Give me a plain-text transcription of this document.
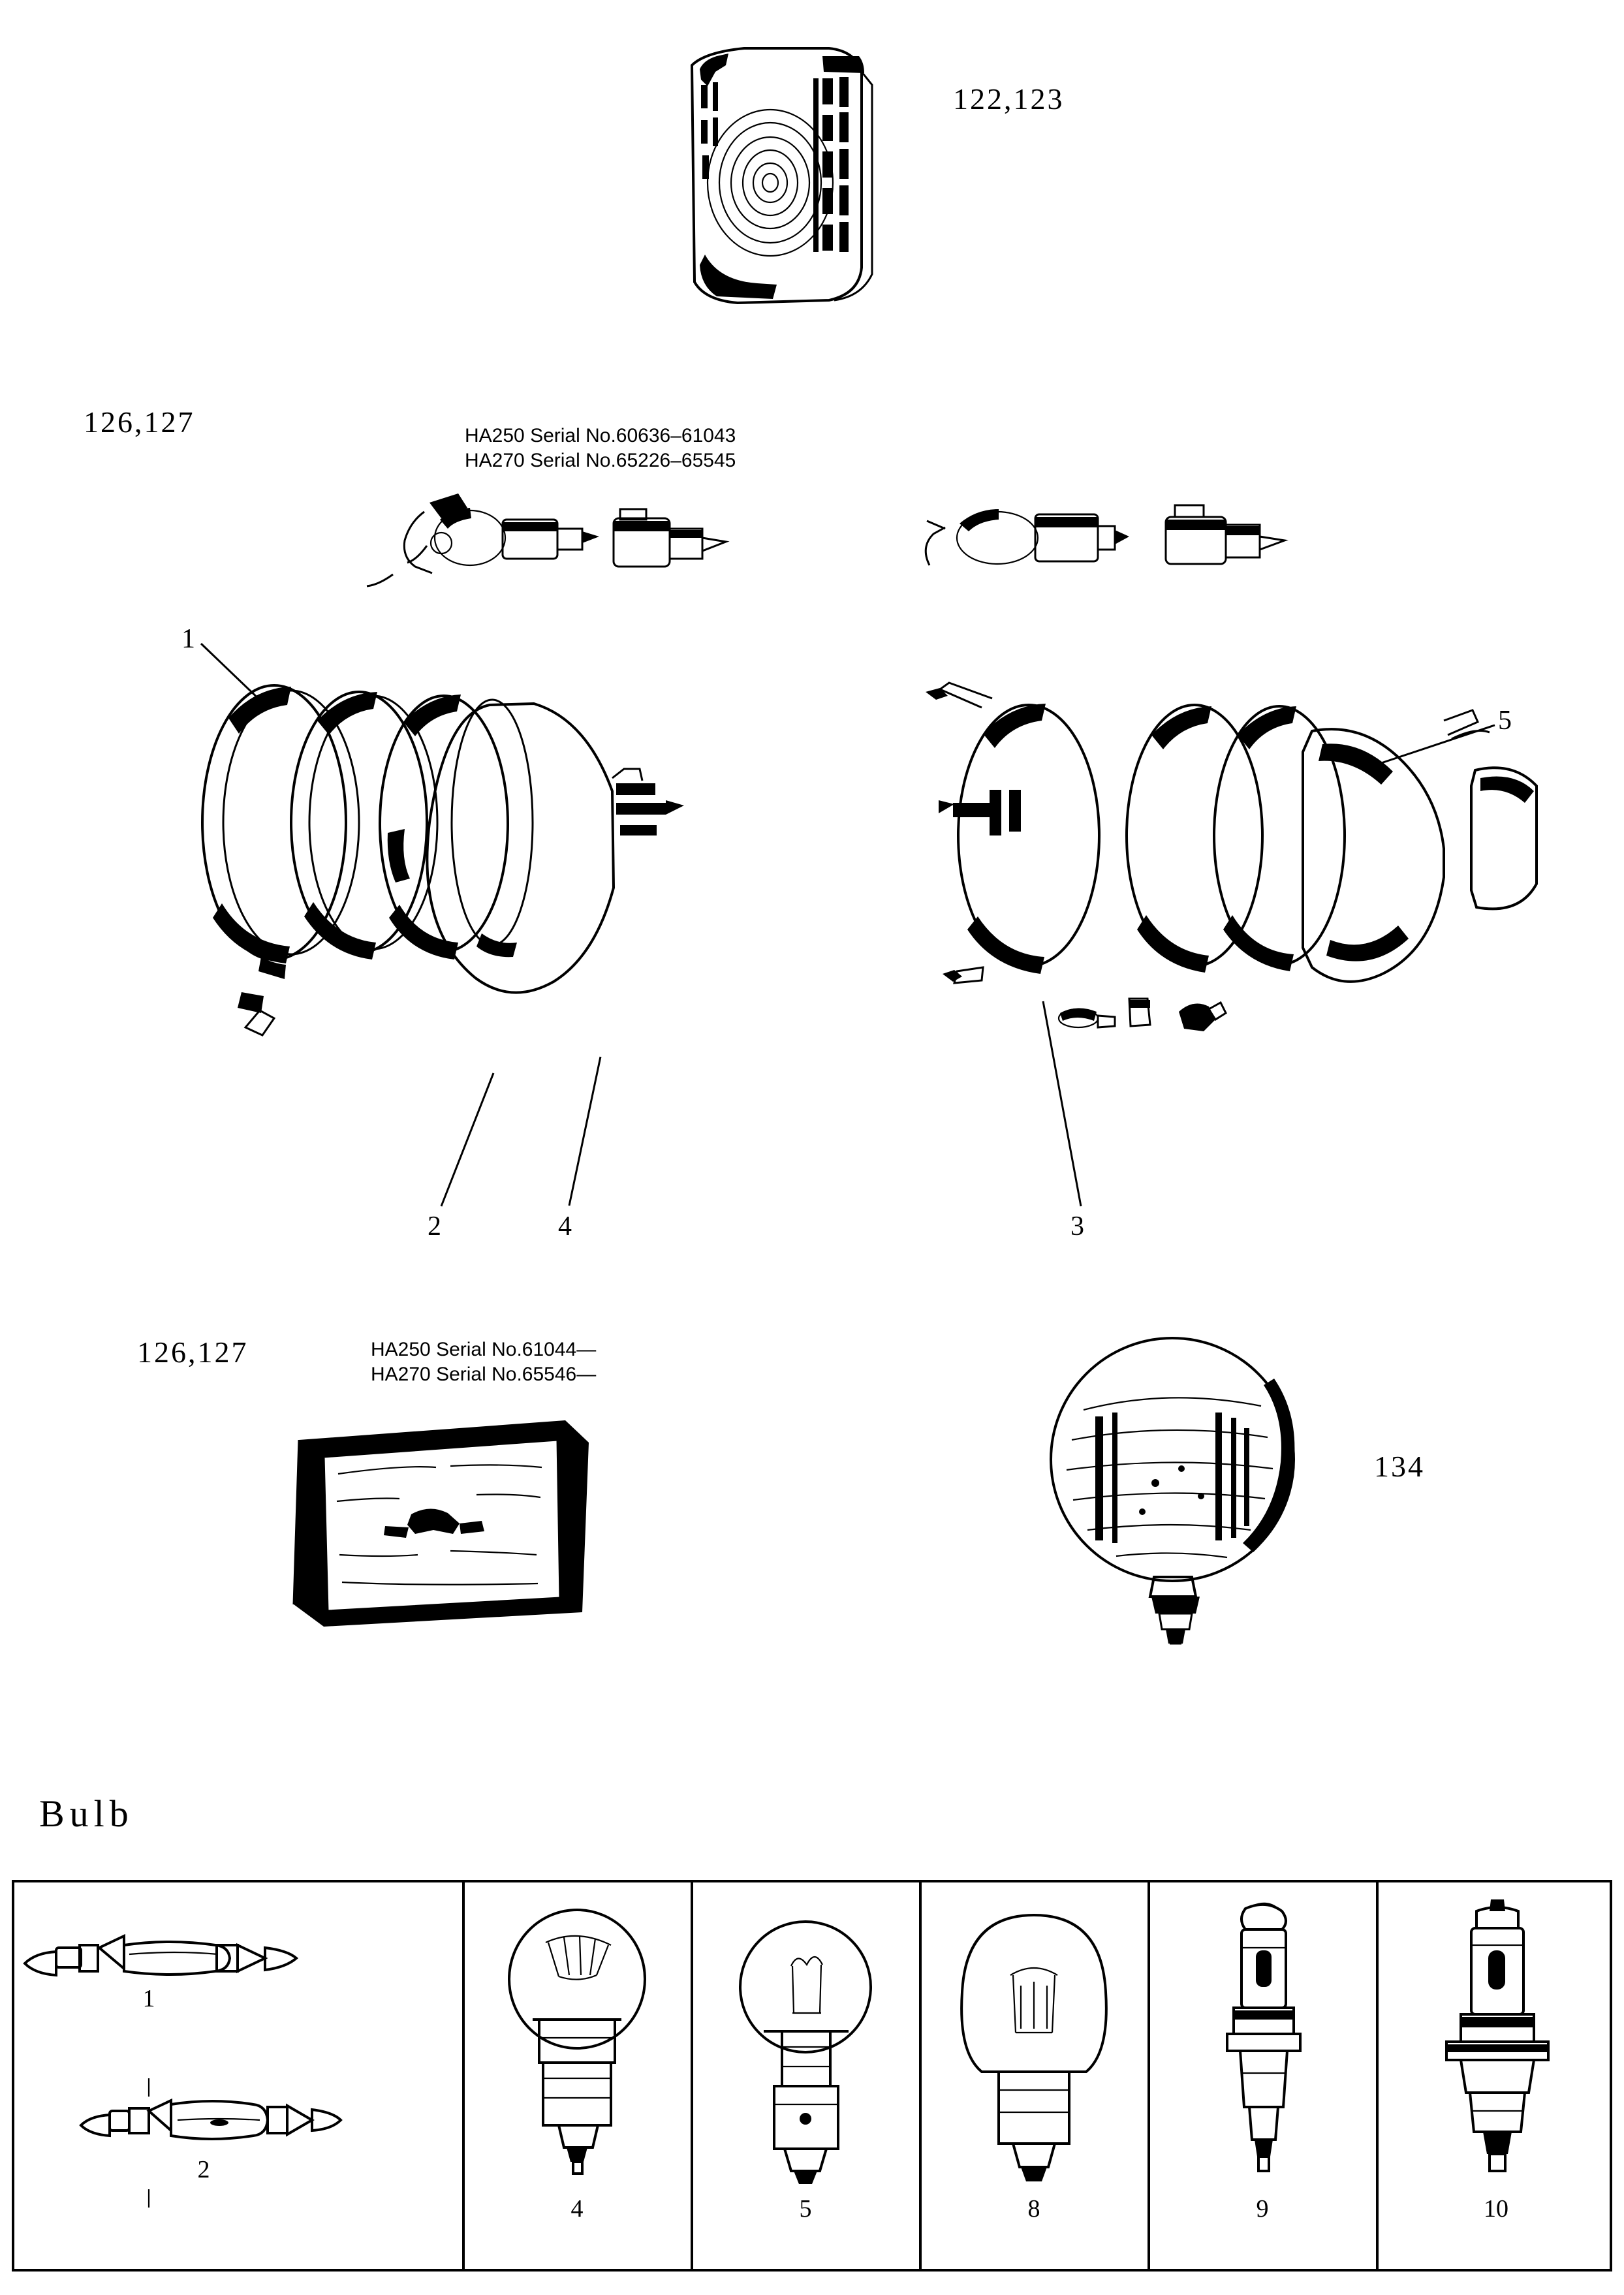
122,123
126,127	HA250 Serial No.60636–61043
HA270 Serial No.65226–65545
1
2	4
5
3
126,127	HA250 Serial No.61044—
HA270 Serial No.65546—
134
Bulb
1
2
4	5	8	9	10
